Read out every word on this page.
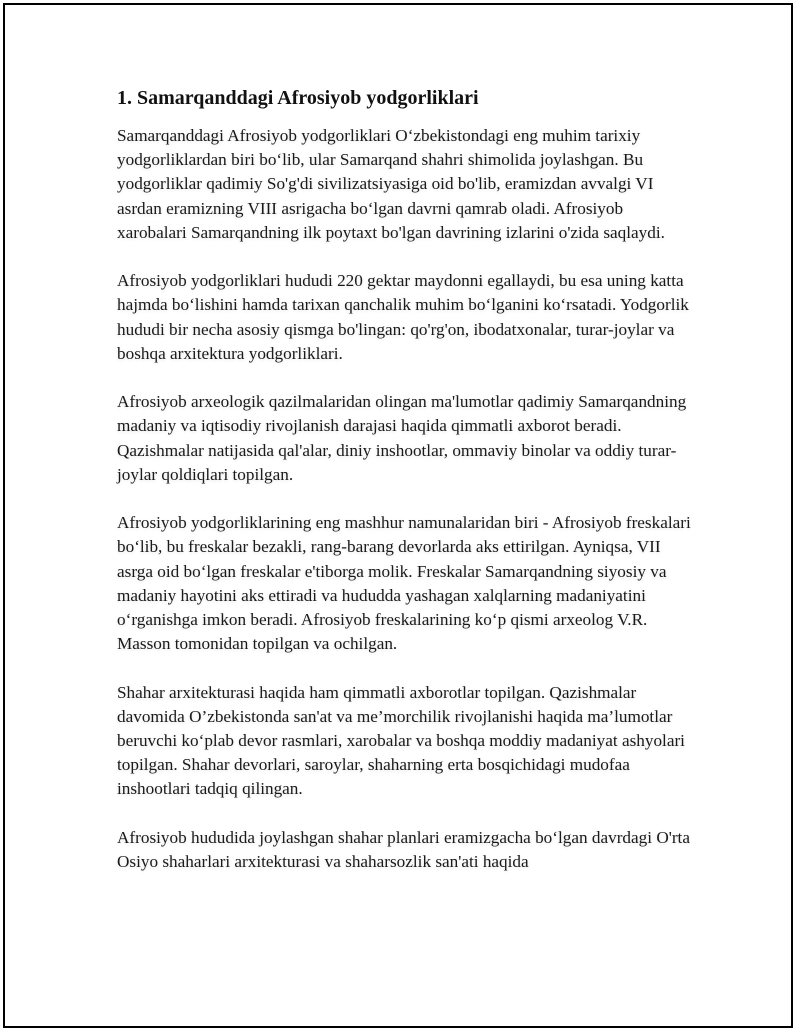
1. Samarqanddagi Afrosiyob yodgorliklari

Samarqanddagi Afrosiyob yodgorliklari O‘zbekistondagi eng muhim tarixiy yodgorliklardan biri bo‘lib, ular Samarqand shahri shimolida joylashgan. Bu yodgorliklar qadimiy So'g'di sivilizatsiyasiga oid bo'lib, eramizdan avvalgi VI asrdan eramizning VIII asrigacha bo‘lgan davrni qamrab oladi. Afrosiyob xarobalari Samarqandning ilk poytaxt bo'lgan davrining izlarini o'zida saqlaydi.

Afrosiyob yodgorliklari hududi 220 gektar maydonni egallaydi, bu esa uning katta hajmda bo‘lishini hamda tarixan qanchalik muhim bo‘lganini ko‘rsatadi. Yodgorlik hududi bir necha asosiy qismga bo'lingan: qo'rg'on, ibodatxonalar, turar-joylar va boshqa arxitektura yodgorliklari.

Afrosiyob arxeologik qazilmalaridan olingan ma'lumotlar qadimiy Samarqandning madaniy va iqtisodiy rivojlanish darajasi haqida qimmatli axborot beradi. Qazishmalar natijasida qal'alar, diniy inshootlar, ommaviy binolar va oddiy turar-joylar qoldiqlari topilgan.

Afrosiyob yodgorliklarining eng mashhur namunalaridan biri - Afrosiyob freskalari bo‘lib, bu freskalar bezakli, rang-barang devorlarda aks ettirilgan. Ayniqsa, VII asrga oid bo‘lgan freskalar e'tiborga molik. Freskalar Samarqandning siyosiy va madaniy hayotini aks ettiradi va hududda yashagan xalqlarning madaniyatini o‘rganishga imkon beradi. Afrosiyob freskalarining ko‘p qismi arxeolog V.R. Masson tomonidan topilgan va ochilgan.

Shahar arxitekturasi haqida ham qimmatli axborotlar topilgan. Qazishmalar davomida O’zbekistonda san'at va me’morchilik rivojlanishi haqida ma’lumotlar beruvchi ko‘plab devor rasmlari, xarobalar va boshqa moddiy madaniyat ashyolari topilgan. Shahar devorlari, saroylar, shaharning erta bosqichidagi mudofaa inshootlari tadqiq qilingan.

Afrosiyob hududida joylashgan shahar planlari eramizgacha bo‘lgan davrdagi O'rta Osiyo shaharlari arxitekturasi va shaharsozlik san'ati haqida
